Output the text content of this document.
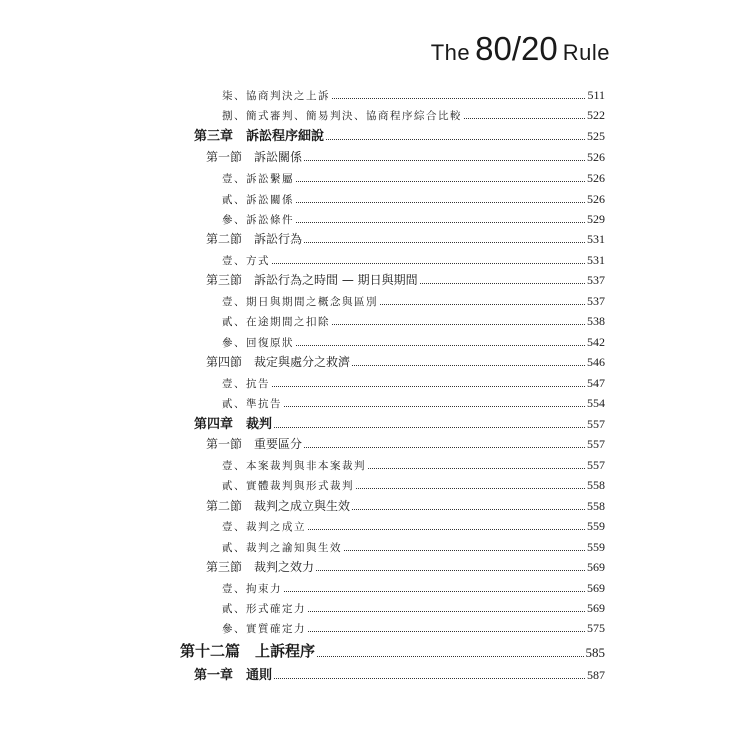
The 80/20 Rule
柒、協商判決之上訴	511
捌、簡式審判、簡易判決、協商程序綜合比較	522
第三章　訴訟程序細說	525
第一節　訴訟關係	526
壹、訴訟繫屬	526
貳、訴訟關係	526
參、訴訟條件	529
第二節　訴訟行為	531
壹、方式	531
第三節　訴訟行為之時間 — 期日與期間	537
壹、期日與期間之概念與區別	537
貳、在途期間之扣除	538
參、回復原狀	542
第四節　裁定與處分之救濟	546
壹、抗告	547
貳、準抗告	554
第四章　裁判	557
第一節　重要區分	557
壹、本案裁判與非本案裁判	557
貳、實體裁判與形式裁判	558
第二節　裁判之成立與生效	558
壹、裁判之成立	559
貳、裁判之諭知與生效	559
第三節　裁判之效力	569
壹、拘束力	569
貳、形式確定力	569
參、實質確定力	575
第十二篇　上訴程序	585
第一章　通則	587
